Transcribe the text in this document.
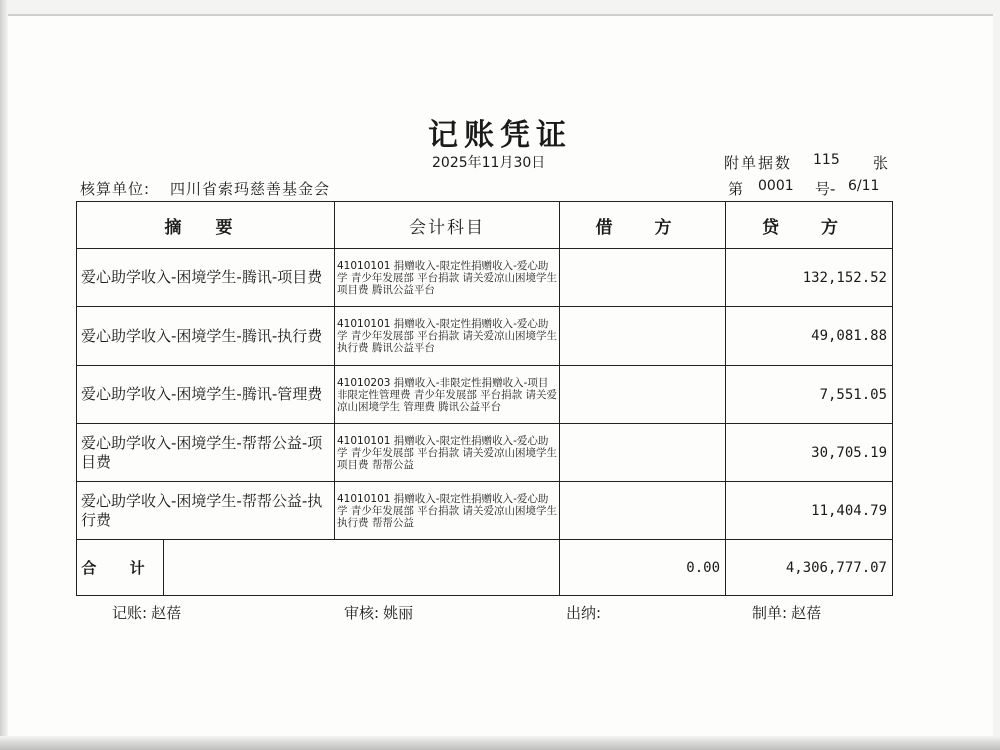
记账凭证
2025年11月30日	附单据数 115 张
核算单位: 四川省索玛慈善基金会	第 0001 号- 6/11
摘 要	会计科目	借 方	贷 方
爱心助学收入-困境学生-腾讯-项目费	41010101 捐赠收入-限定性捐赠收入-爱心助学 青少年发展部 平台捐款 请关爱凉山困境学生 项目费 腾讯公益平台		132,152.52
爱心助学收入-困境学生-腾讯-执行费	41010101 捐赠收入-限定性捐赠收入-爱心助学 青少年发展部 平台捐款 请关爱凉山困境学生 执行费 腾讯公益平台		49,081.88
爱心助学收入-困境学生-腾讯-管理费	41010203 捐赠收入-非限定性捐赠收入-项目非限定性管理费 青少年发展部 平台捐款 请关爱凉山困境学生 管理费 腾讯公益平台		7,551.05
爱心助学收入-困境学生-帮帮公益-项目费	41010101 捐赠收入-限定性捐赠收入-爱心助学 青少年发展部 平台捐款 请关爱凉山困境学生 项目费 帮帮公益		30,705.19
爱心助学收入-困境学生-帮帮公益-执行费	41010101 捐赠收入-限定性捐赠收入-爱心助学 青少年发展部 平台捐款 请关爱凉山困境学生 执行费 帮帮公益		11,404.79

合 计		0.00	4,306,777.07
记账: 赵蓓	审核: 姚丽	出纳:	制单: 赵蓓
